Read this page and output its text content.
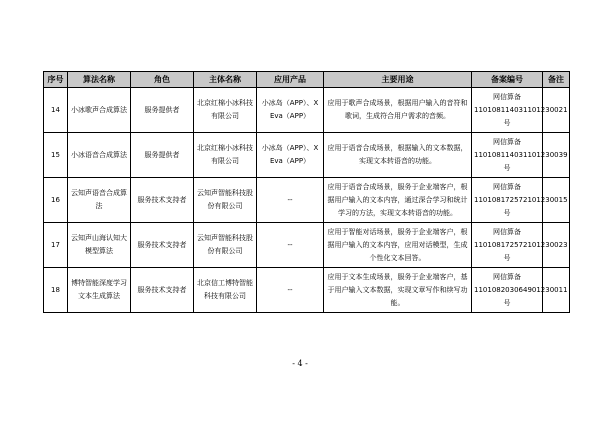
序号	算法名称	角色	主体名称	应用产品	主要用途	备案编号	备注
14	小冰歌声合成算法	服务提供者	北京红棉小冰科技有限公司	小冰岛（APP）、X Eva（APP）	应用于歌声合成场景，根据用户输入的音符和歌词，生成符合用户需求的音频。	网信算备 110108114031101230021 号	
15	小冰语音合成算法	服务提供者	北京红棉小冰科技有限公司	小冰岛（APP）、X Eva（APP）	应用于语音合成场景，根据输入的文本数据，实现文本转语音的功能。	网信算备 110108114031101230039 号	
16	云知声语音合成算法	服务技术支持者	云知声智能科技股份有限公司	--	应用于语音合成场景，服务于企业端客户，根据用户输入的文本内容，通过深合学习和统计学习的方法，实现文本转语音的功能。	网信算备 110108172572101230015 号	
17	云知声山海认知大模型算法	服务技术支持者	云知声智能科技股份有限公司	--	应用于智能对话场景，服务于企业端客户，根据用户输入的文本内容，应用对话模型，生成个性化文本回答。	网信算备 110108172572101230023 号	
18	博特智能深度学习文本生成算法	服务技术支持者	北京信工博特智能科技有限公司	--	应用于文本生成场景，服务于企业端客户，基于用户输入文本数据，实现文章写作和续写功能。	网信算备 110108203064901230011 号	
- 4 -
